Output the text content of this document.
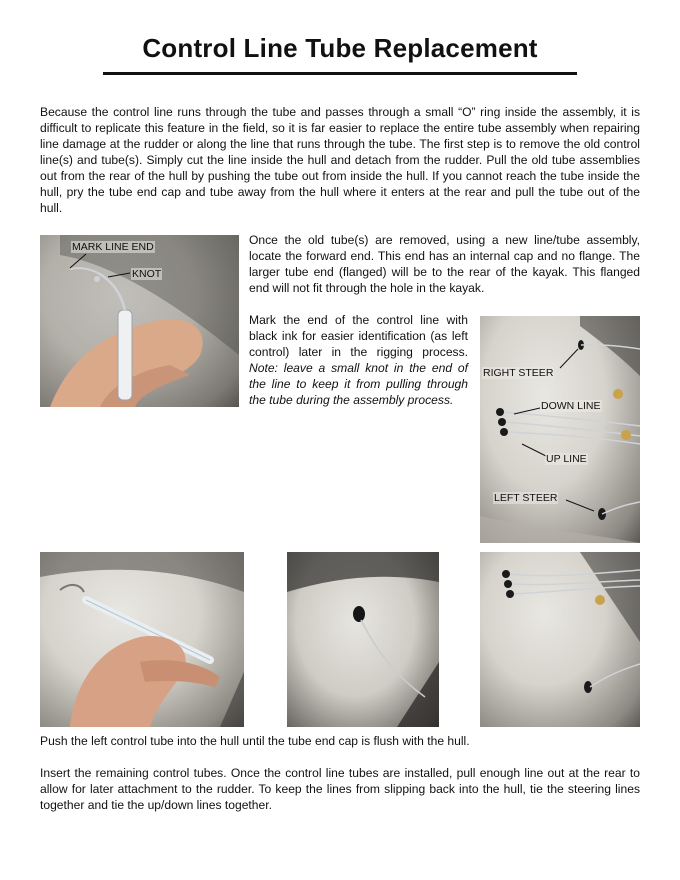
Control Line Tube Replacement

Because the control line runs through the tube and passes through a small “O” ring inside the assembly, it is difficult to replicate this feature in the field, so it is far easier to replace the entire tube assembly when repairing line damage at the rudder or along the line that runs through the tube. The first step is to remove the old control line(s) and tube(s). Simply cut the line inside the hull and detach from the rudder. Pull the old tube assemblies out from the rear of the hull by pushing the tube out from inside the hull. If you cannot reach the tube inside the hull, pry the tube end cap and tube away from the hull where it enters at the rear and pull the tube out of the hull.

MARK LINE END
KNOT

Once the old tube(s) are removed, using a new line/tube assembly, locate the forward end. This end has an internal cap and no flange. The larger tube end (flanged) will be to the rear of the kayak. This flanged end will not fit through the hole in the kayak.

Mark the end of the control line with black ink for easier identification (as left control) later in the rigging process. Note: leave a small knot in the end of the line to keep it from pulling through the tube during the assembly process.

RIGHT STEER
DOWN LINE
UP LINE
LEFT STEER

Push the left control tube into the hull until the tube end cap is flush with the hull.

Insert the remaining control tubes. Once the control line tubes are installed, pull enough line out at the rear to allow for later attachment to the rudder. To keep the lines from slipping back into the hull, tie the steering lines together and tie the up/down lines together.
